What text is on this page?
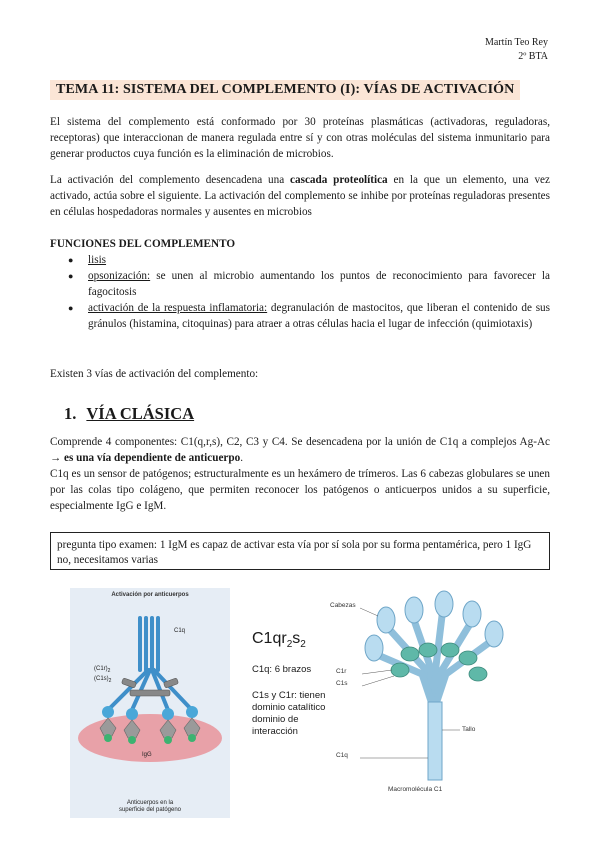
Martín Teo Rey
2º BTA
TEMA 11: SISTEMA DEL COMPLEMENTO (I): VÍAS DE ACTIVACIÓN

El sistema del complemento está conformado por 30 proteínas plasmáticas (activadoras, reguladoras, receptoras) que interaccionan de manera regulada entre sí y con otras moléculas del sistema inmunitario para generar productos cuya función es la eliminación de microbios.

La activación del complemento desencadena una cascada proteolítica en la que un elemento, una vez activado, actúa sobre el siguiente. La activación del complemento se inhibe por proteínas reguladoras presentes en células hospedadoras normales y ausentes en microbios

FUNCIONES DEL COMPLEMENTO
● lisis
● opsonización: se unen al microbio aumentando los puntos de reconocimiento para favorecer la fagocitosis
● activación de la respuesta inflamatoria: degranulación de mastocitos, que liberan el contenido de sus gránulos (histamina, citoquinas) para atraer a otras células hacia el lugar de infección (quimiotaxis)

Existen 3 vías de activación del complemento:

1. VÍA CLÁSICA

Comprende 4 componentes: C1(q,r,s), C2, C3 y C4. Se desencadena por la unión de C1q a complejos Ag-Ac → es una vía dependiente de anticuerpo.

C1q es un sensor de patógenos; estructuralmente es un hexámero de trímeros. Las 6 cabezas globulares se unen por las colas tipo colágeno, que permiten reconocer los patógenos o anticuerpos unidos a su superficie, especialmente IgG e IgM.

pregunta tipo examen: 1 IgM es capaz de activar esta vía por sí sola por su forma pentamérica, pero 1 IgG no, necesitamos varias
Activación por anticuerpos
C1q
$(C1r)_2$
$(C1s)_2$
IgG
Anticuerpos en la
superficie del patógeno
$C1qr_2s_2$
C1q: 6 brazos
C1s y C1r: tienen
dominio catalítico
dominio de
interacción
Cabezas
C1r
C1s
Tallo
C1q
Macromolécula C1
